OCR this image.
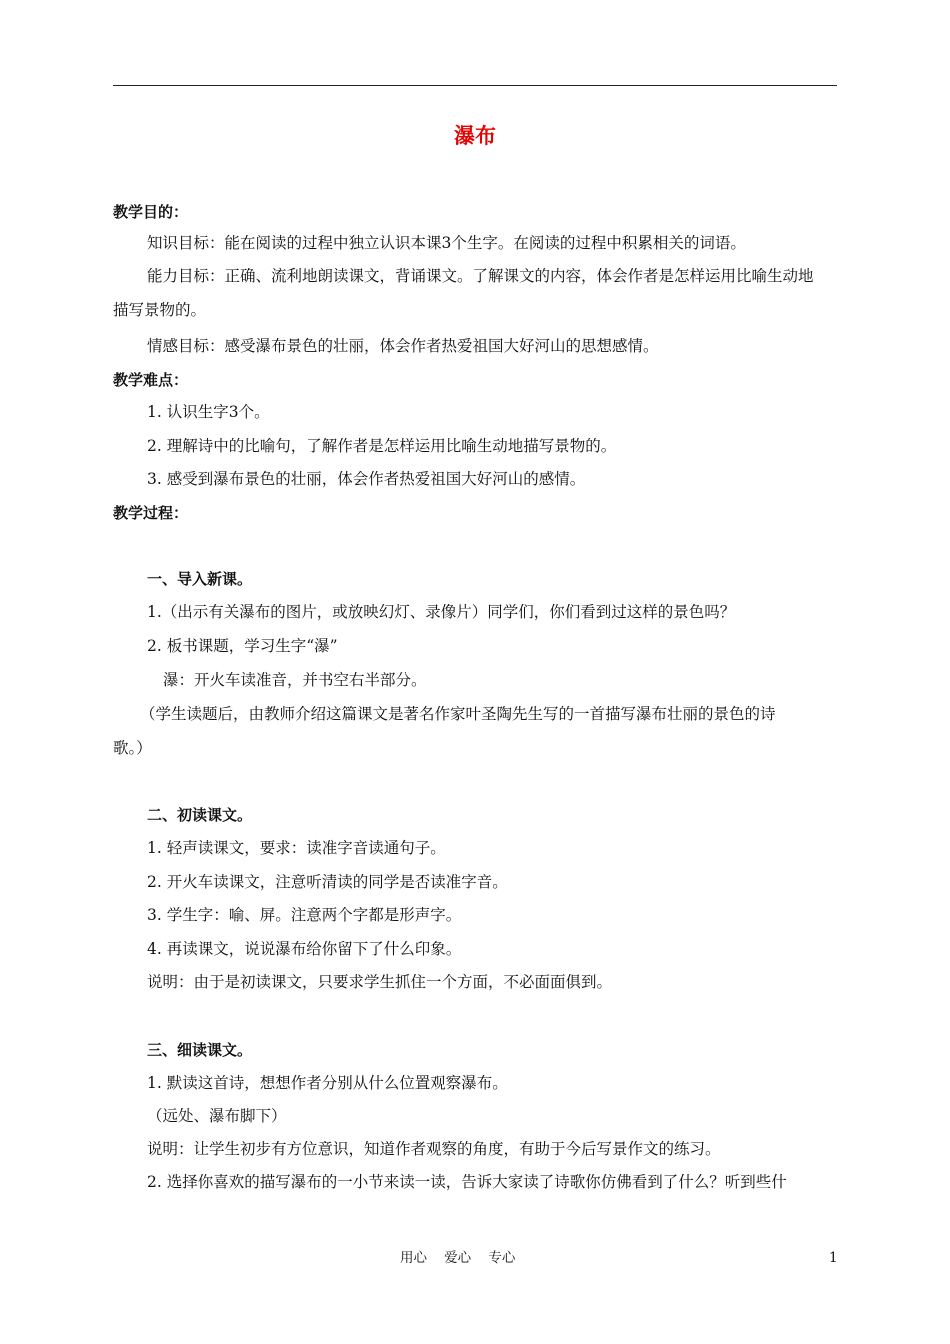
瀑布
教学目的：
知识目标：能在阅读的过程中独立认识本课3个生字。在阅读的过程中积累相关的词语。
能力目标：正确、流利地朗读课文，背诵课文。了解课文的内容，体会作者是怎样运用比喻生动地
描写景物的。
情感目标：感受瀑布景色的壮丽，体会作者热爱祖国大好河山的思想感情。
教学难点：
1. 认识生字3个。
2. 理解诗中的比喻句，了解作者是怎样运用比喻生动地描写景物的。
3. 感受到瀑布景色的壮丽，体会作者热爱祖国大好河山的感情。
教学过程：
一、导入新课。
1.（出示有关瀑布的图片，或放映幻灯、录像片）同学们，你们看到过这样的景色吗？
2. 板书课题，学习生字“瀑”
瀑：开火车读准音，并书空右半部分。
（学生读题后，由教师介绍这篇课文是著名作家叶圣陶先生写的一首描写瀑布壮丽的景色的诗
歌。）
二、初读课文。
1. 轻声读课文，要求：读准字音读通句子。
2. 开火车读课文，注意听清读的同学是否读准字音。
3. 学生字：喻、屏。注意两个字都是形声字。
4. 再读课文，说说瀑布给你留下了什么印象。
说明：由于是初读课文，只要求学生抓住一个方面，不必面面俱到。
三、细读课文。
1. 默读这首诗，想想作者分别从什么位置观察瀑布。
（远处、瀑布脚下）
说明：让学生初步有方位意识，知道作者观察的角度，有助于今后写景作文的练习。
2. 选择你喜欢的描写瀑布的一小节来读一读，告诉大家读了诗歌你仿佛看到了什么？听到些什
用心    爱心    专心	1
